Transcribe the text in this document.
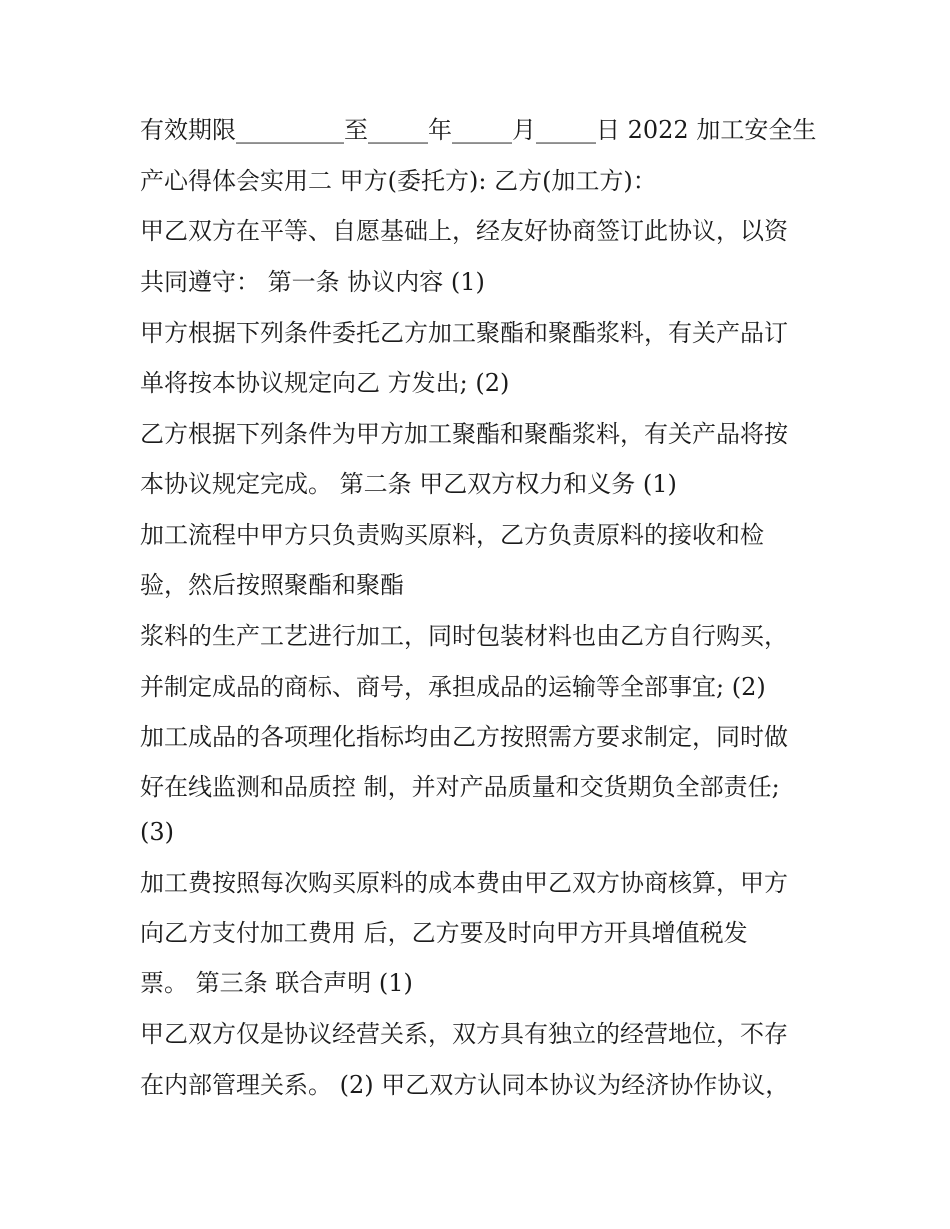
有效期限_________至_____年_____月_____日 2022 加工安全生
产心得体会实用二 甲方(委托方): 乙方(加工方)：
甲乙双方在平等、自愿基础上，经友好协商签订此协议，以资
共同遵守： 第一条 协议内容 (1)
甲方根据下列条件委托乙方加工聚酯和聚酯浆料，有关产品订
单将按本协议规定向乙 方发出; (2)
乙方根据下列条件为甲方加工聚酯和聚酯浆料，有关产品将按
本协议规定完成。 第二条 甲乙双方权力和义务 (1)
加工流程中甲方只负责购买原料，乙方负责原料的接收和检
验，然后按照聚酯和聚酯
浆料的生产工艺进行加工，同时包装材料也由乙方自行购买，
并制定成品的商标、商号，承担成品的运输等全部事宜; (2)
加工成品的各项理化指标均由乙方按照需方要求制定，同时做
好在线监测和品质控 制，并对产品质量和交货期负全部责任;
(3)
加工费按照每次购买原料的成本费由甲乙双方协商核算，甲方
向乙方支付加工费用 后，乙方要及时向甲方开具增值税发
票。 第三条 联合声明 (1)
甲乙双方仅是协议经营关系，双方具有独立的经营地位，不存
在内部管理关系。 (2) 甲乙双方认同本协议为经济协作协议，
